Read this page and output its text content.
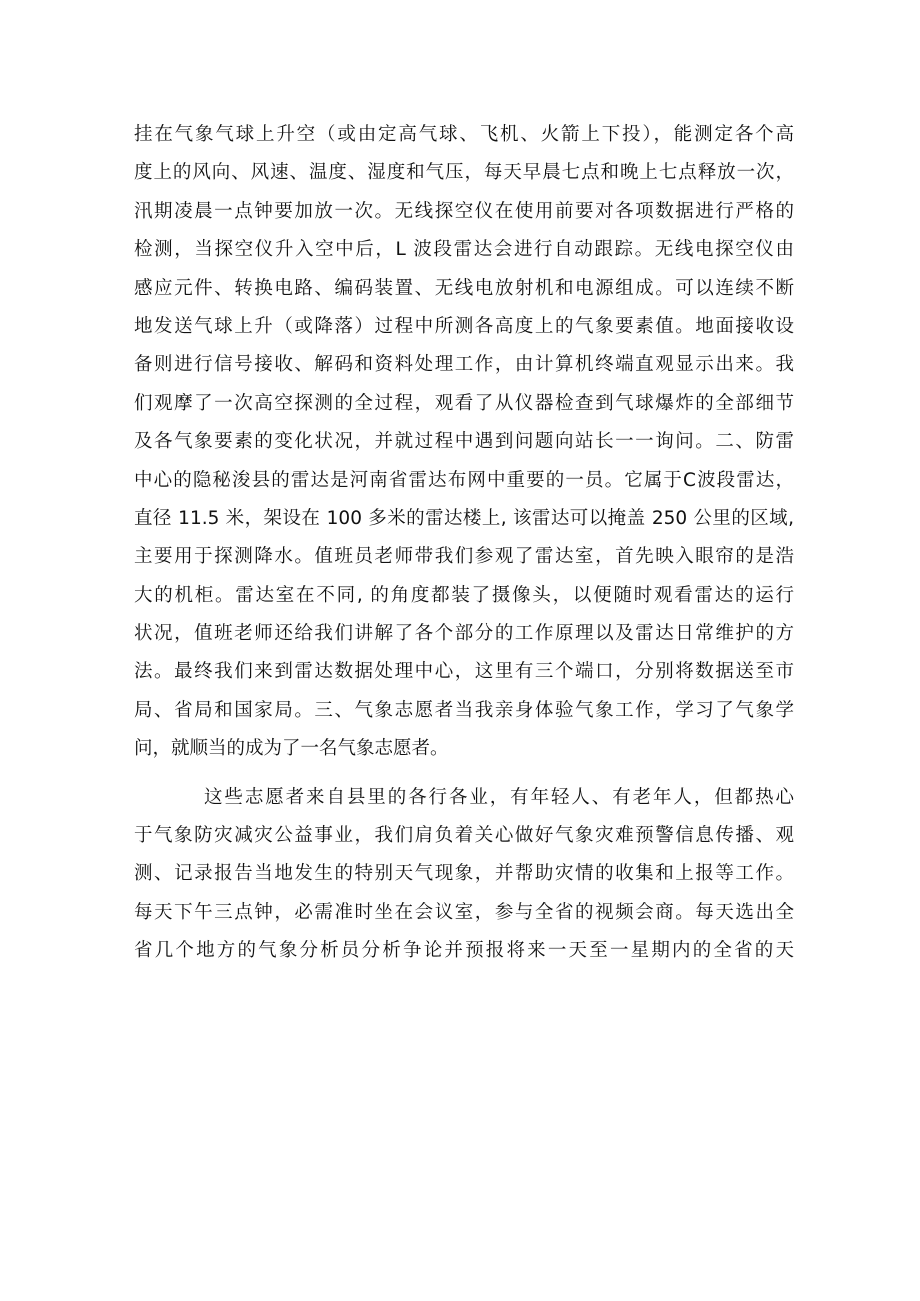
挂在气象气球上升空（或由定高气球、飞机、火箭上下投），能测定各个高
度上的风向、风速、温度、湿度和气压，每天早晨七点和晚上七点释放一次，
汛期凌晨一点钟要加放一次。无线探空仪在使用前要对各项数据进行严格的
检测，当探空仪升入空中后，L 波段雷达会进行自动跟踪。无线电探空仪由
感应元件、转换电路、编码装置、无线电放射机和电源组成。可以连续不断
地发送气球上升（或降落）过程中所测各高度上的气象要素值。地面接收设
备则进行信号接收、解码和资料处理工作，由计算机终端直观显示出来。我
们观摩了一次高空探测的全过程，观看了从仪器检查到气球爆炸的全部细节
及各气象要素的变化状况，并就过程中遇到问题向站长一一询问。二、防雷
中心的隐秘浚县的雷达是河南省雷达布网中重要的一员。它属于C波段雷达，
直径 11.5 米，架设在 100 多米的雷达楼上, 该雷达可以掩盖 250 公里的区域,
主要用于探测降水。值班员老师带我们参观了雷达室，首先映入眼帘的是浩
大的机柜。雷达室在不同, 的角度都装了摄像头，以便随时观看雷达的运行
状况，值班老师还给我们讲解了各个部分的工作原理以及雷达日常维护的方
法。最终我们来到雷达数据处理中心，这里有三个端口，分别将数据送至市
局、省局和国家局。三、气象志愿者当我亲身体验气象工作，学习了气象学
问，就顺当的成为了一名气象志愿者。
这些志愿者来自县里的各行各业，有年轻人、有老年人，但都热心
于气象防灾减灾公益事业，我们肩负着关心做好气象灾难预警信息传播、观
测、记录报告当地发生的特别天气现象，并帮助灾情的收集和上报等工作。
每天下午三点钟，必需准时坐在会议室，参与全省的视频会商。每天选出全
省几个地方的气象分析员分析争论并预报将来一天至一星期内的全省的天
